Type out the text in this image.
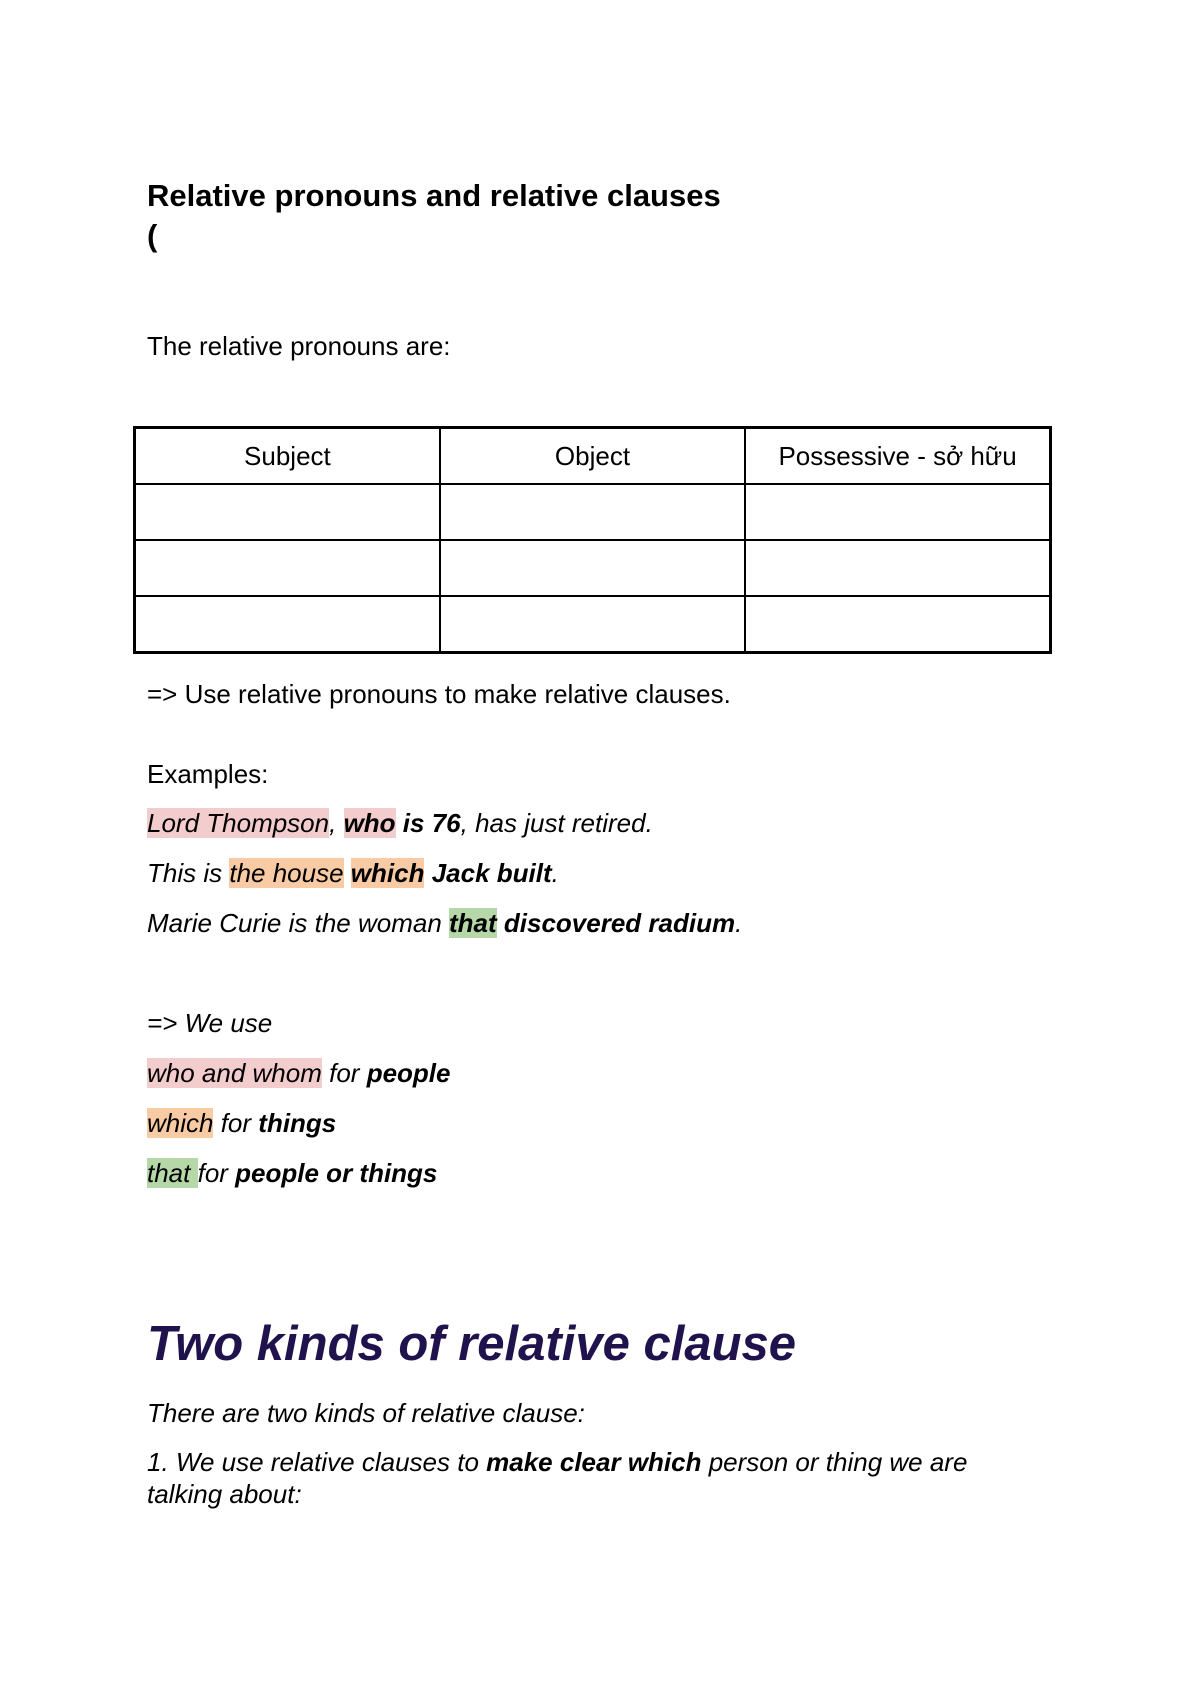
Relative pronouns and relative clauses
(
The relative pronouns are:
Subject	Object	Possessive - sở hữu

=> Use relative pronouns to make relative clauses.
Examples:
Lord Thompson, who is 76, has just retired.
This is the house which Jack built.
Marie Curie is the woman that discovered radium.
=> We use
who and whom for people
which for things
that for people or things
Two kinds of relative clause
There are two kinds of relative clause:
1. We use relative clauses to make clear which person or thing we are talking about:
